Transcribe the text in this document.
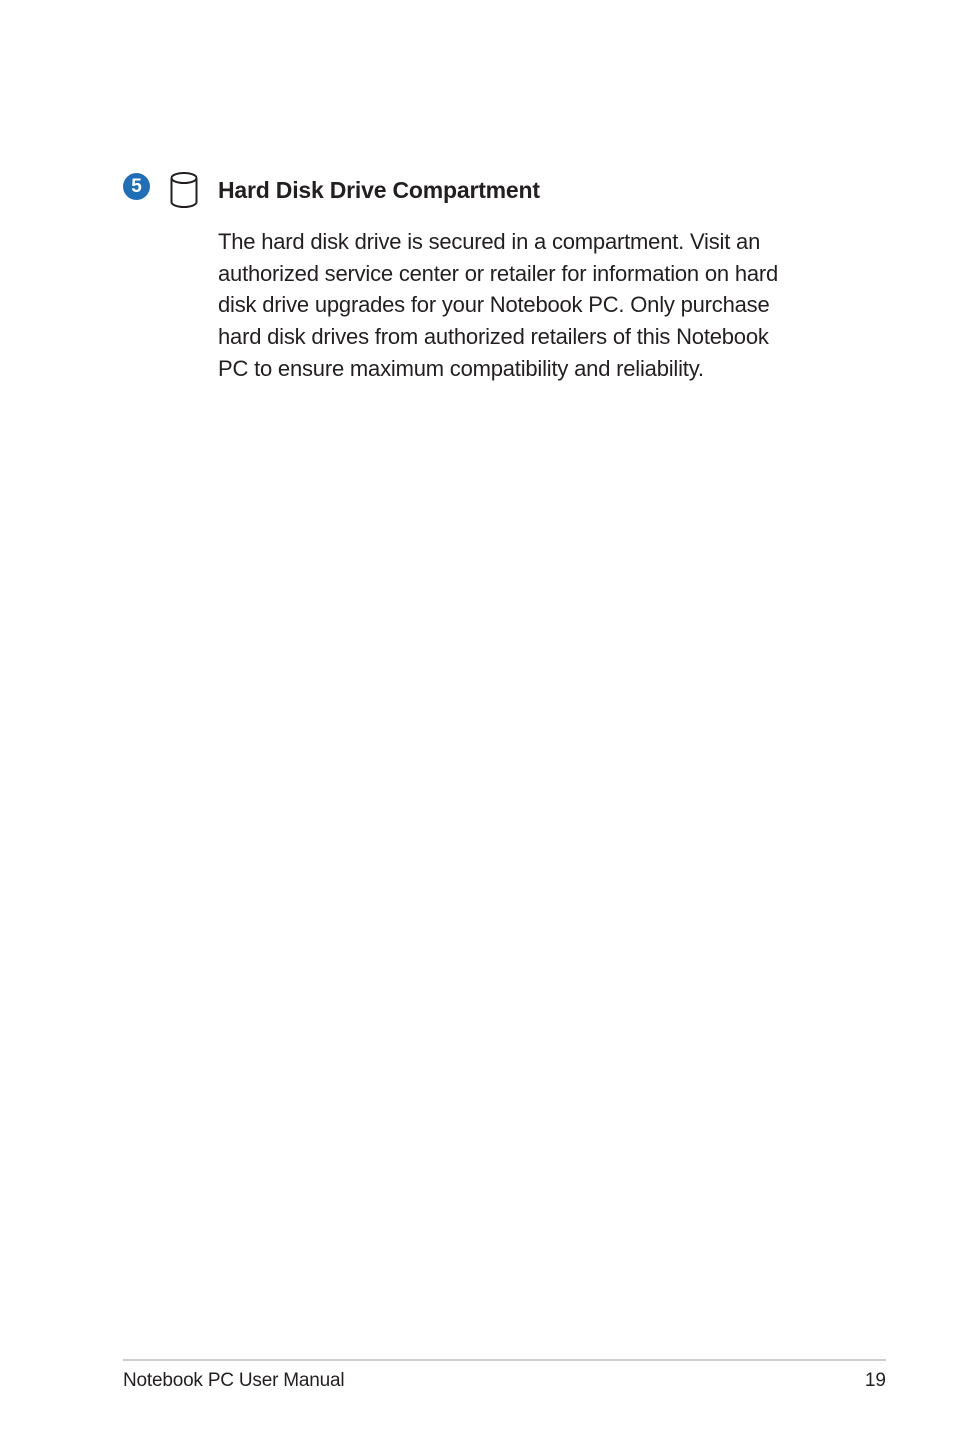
5	Hard Disk Drive Compartment

The hard disk drive is secured in a compartment. Visit an
authorized service center or retailer for information on hard
disk drive upgrades for your Notebook PC. Only purchase
hard disk drives from authorized retailers of this Notebook
PC to ensure maximum compatibility and reliability.

Notebook PC User Manual	19
